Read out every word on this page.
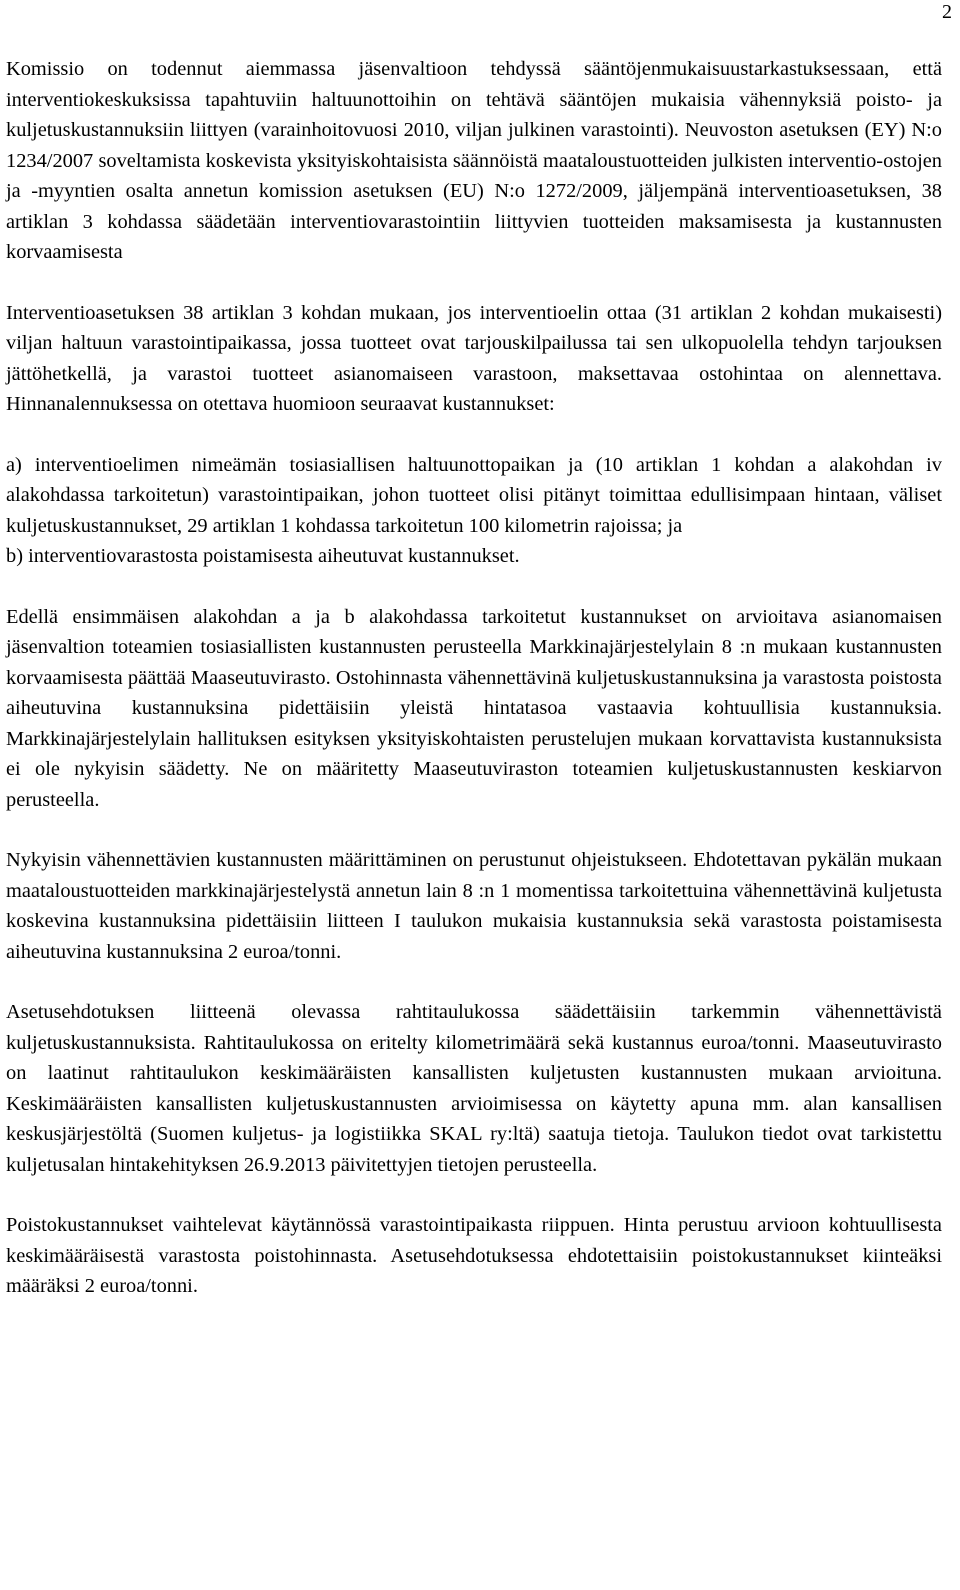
2

Komissio on todennut aiemmassa jäsenvaltioon tehdyssä sääntöjenmukaisuustarkastuksessaan, että interventiokeskuksissa tapahtuviin haltuunottoihin on tehtävä sääntöjen mukaisia vähennyksiä poisto- ja kuljetuskustannuksiin liittyen (varainhoitovuosi 2010, viljan julkinen varastointi). Neuvoston asetuksen (EY) N:o 1234/2007 soveltamista koskevista yksityiskohtaisista säännöistä maataloustuotteiden julkisten interventio-ostojen ja -myyntien osalta annetun komission asetuksen (EU) N:o 1272/2009, jäljempänä interventioasetuksen, 38 artiklan 3 kohdassa säädetään interventiovarastointiin liittyvien tuotteiden maksamisesta ja kustannusten korvaamisesta

Interventioasetuksen 38 artiklan 3 kohdan mukaan, jos interventioelin ottaa (31 artiklan 2 kohdan mukaisesti) viljan haltuun varastointipaikassa, jossa tuotteet ovat tarjouskilpailussa tai sen ulkopuolella tehdyn tarjouksen jättöhetkellä, ja varastoi tuotteet asianomaiseen varastoon, maksettavaa ostohintaa on alennettava. Hinnanalennuksessa on otettava huomioon seuraavat kustannukset:

a) interventioelimen nimeämän tosiasiallisen haltuunottopaikan ja (10 artiklan 1 kohdan a alakohdan iv alakohdassa tarkoitetun) varastointipaikan, johon tuotteet olisi pitänyt toimittaa edullisimpaan hintaan, väliset kuljetuskustannukset, 29 artiklan 1 kohdassa tarkoitetun 100 kilometrin rajoissa; ja
b) interventiovarastosta poistamisesta aiheutuvat kustannukset.

Edellä ensimmäisen alakohdan a ja b alakohdassa tarkoitetut kustannukset on arvioitava asianomaisen jäsenvaltion toteamien tosiasiallisten kustannusten perusteella Markkinajärjestelylain 8 :n mukaan kustannusten korvaamisesta päättää Maaseutuvirasto. Ostohinnasta vähennettävinä kuljetuskustannuksina ja varastosta poistosta aiheutuvina kustannuksina pidettäisiin yleistä hintatasoa vastaavia kohtuullisia kustannuksia. Markkinajärjestelylain hallituksen esityksen yksityiskohtaisten perustelujen mukaan korvattavista kustannuksista ei ole nykyisin säädetty. Ne on määritetty Maaseutuviraston toteamien kuljetuskustannusten keskiarvon perusteella.

Nykyisin vähennettävien kustannusten määrittäminen on perustunut ohjeistukseen. Ehdotettavan pykälän mukaan maataloustuotteiden markkinajärjestelystä annetun lain 8 :n 1 momentissa tarkoitettuina vähennettävinä kuljetusta koskevina kustannuksina pidettäisiin liitteen I taulukon mukaisia kustannuksia sekä varastosta poistamisesta aiheutuvina kustannuksina 2 euroa/tonni.

Asetusehdotuksen liitteenä olevassa rahtitaulukossa säädettäisiin tarkemmin vähennettävistä kuljetuskustannuksista. Rahtitaulukossa on eritelty kilometrimäärä sekä kustannus euroa/tonni. Maaseutuvirasto on laatinut rahtitaulukon keskimääräisten kansallisten kuljetusten kustannusten mukaan arvioituna. Keskimääräisten kansallisten kuljetuskustannusten arvioimisessa on käytetty apuna mm. alan kansallisen keskusjärjestöltä (Suomen kuljetus- ja logistiikka SKAL ry:ltä) saatuja tietoja. Taulukon tiedot ovat tarkistettu kuljetusalan hintakehityksen 26.9.2013 päivitettyjen tietojen perusteella.

Poistokustannukset vaihtelevat käytännössä varastointipaikasta riippuen. Hinta perustuu arvioon kohtuullisesta keskimääräisestä varastosta poistohinnasta. Asetusehdotuksessa ehdotettaisiin poistokustannukset kiinteäksi määräksi 2 euroa/tonni.
